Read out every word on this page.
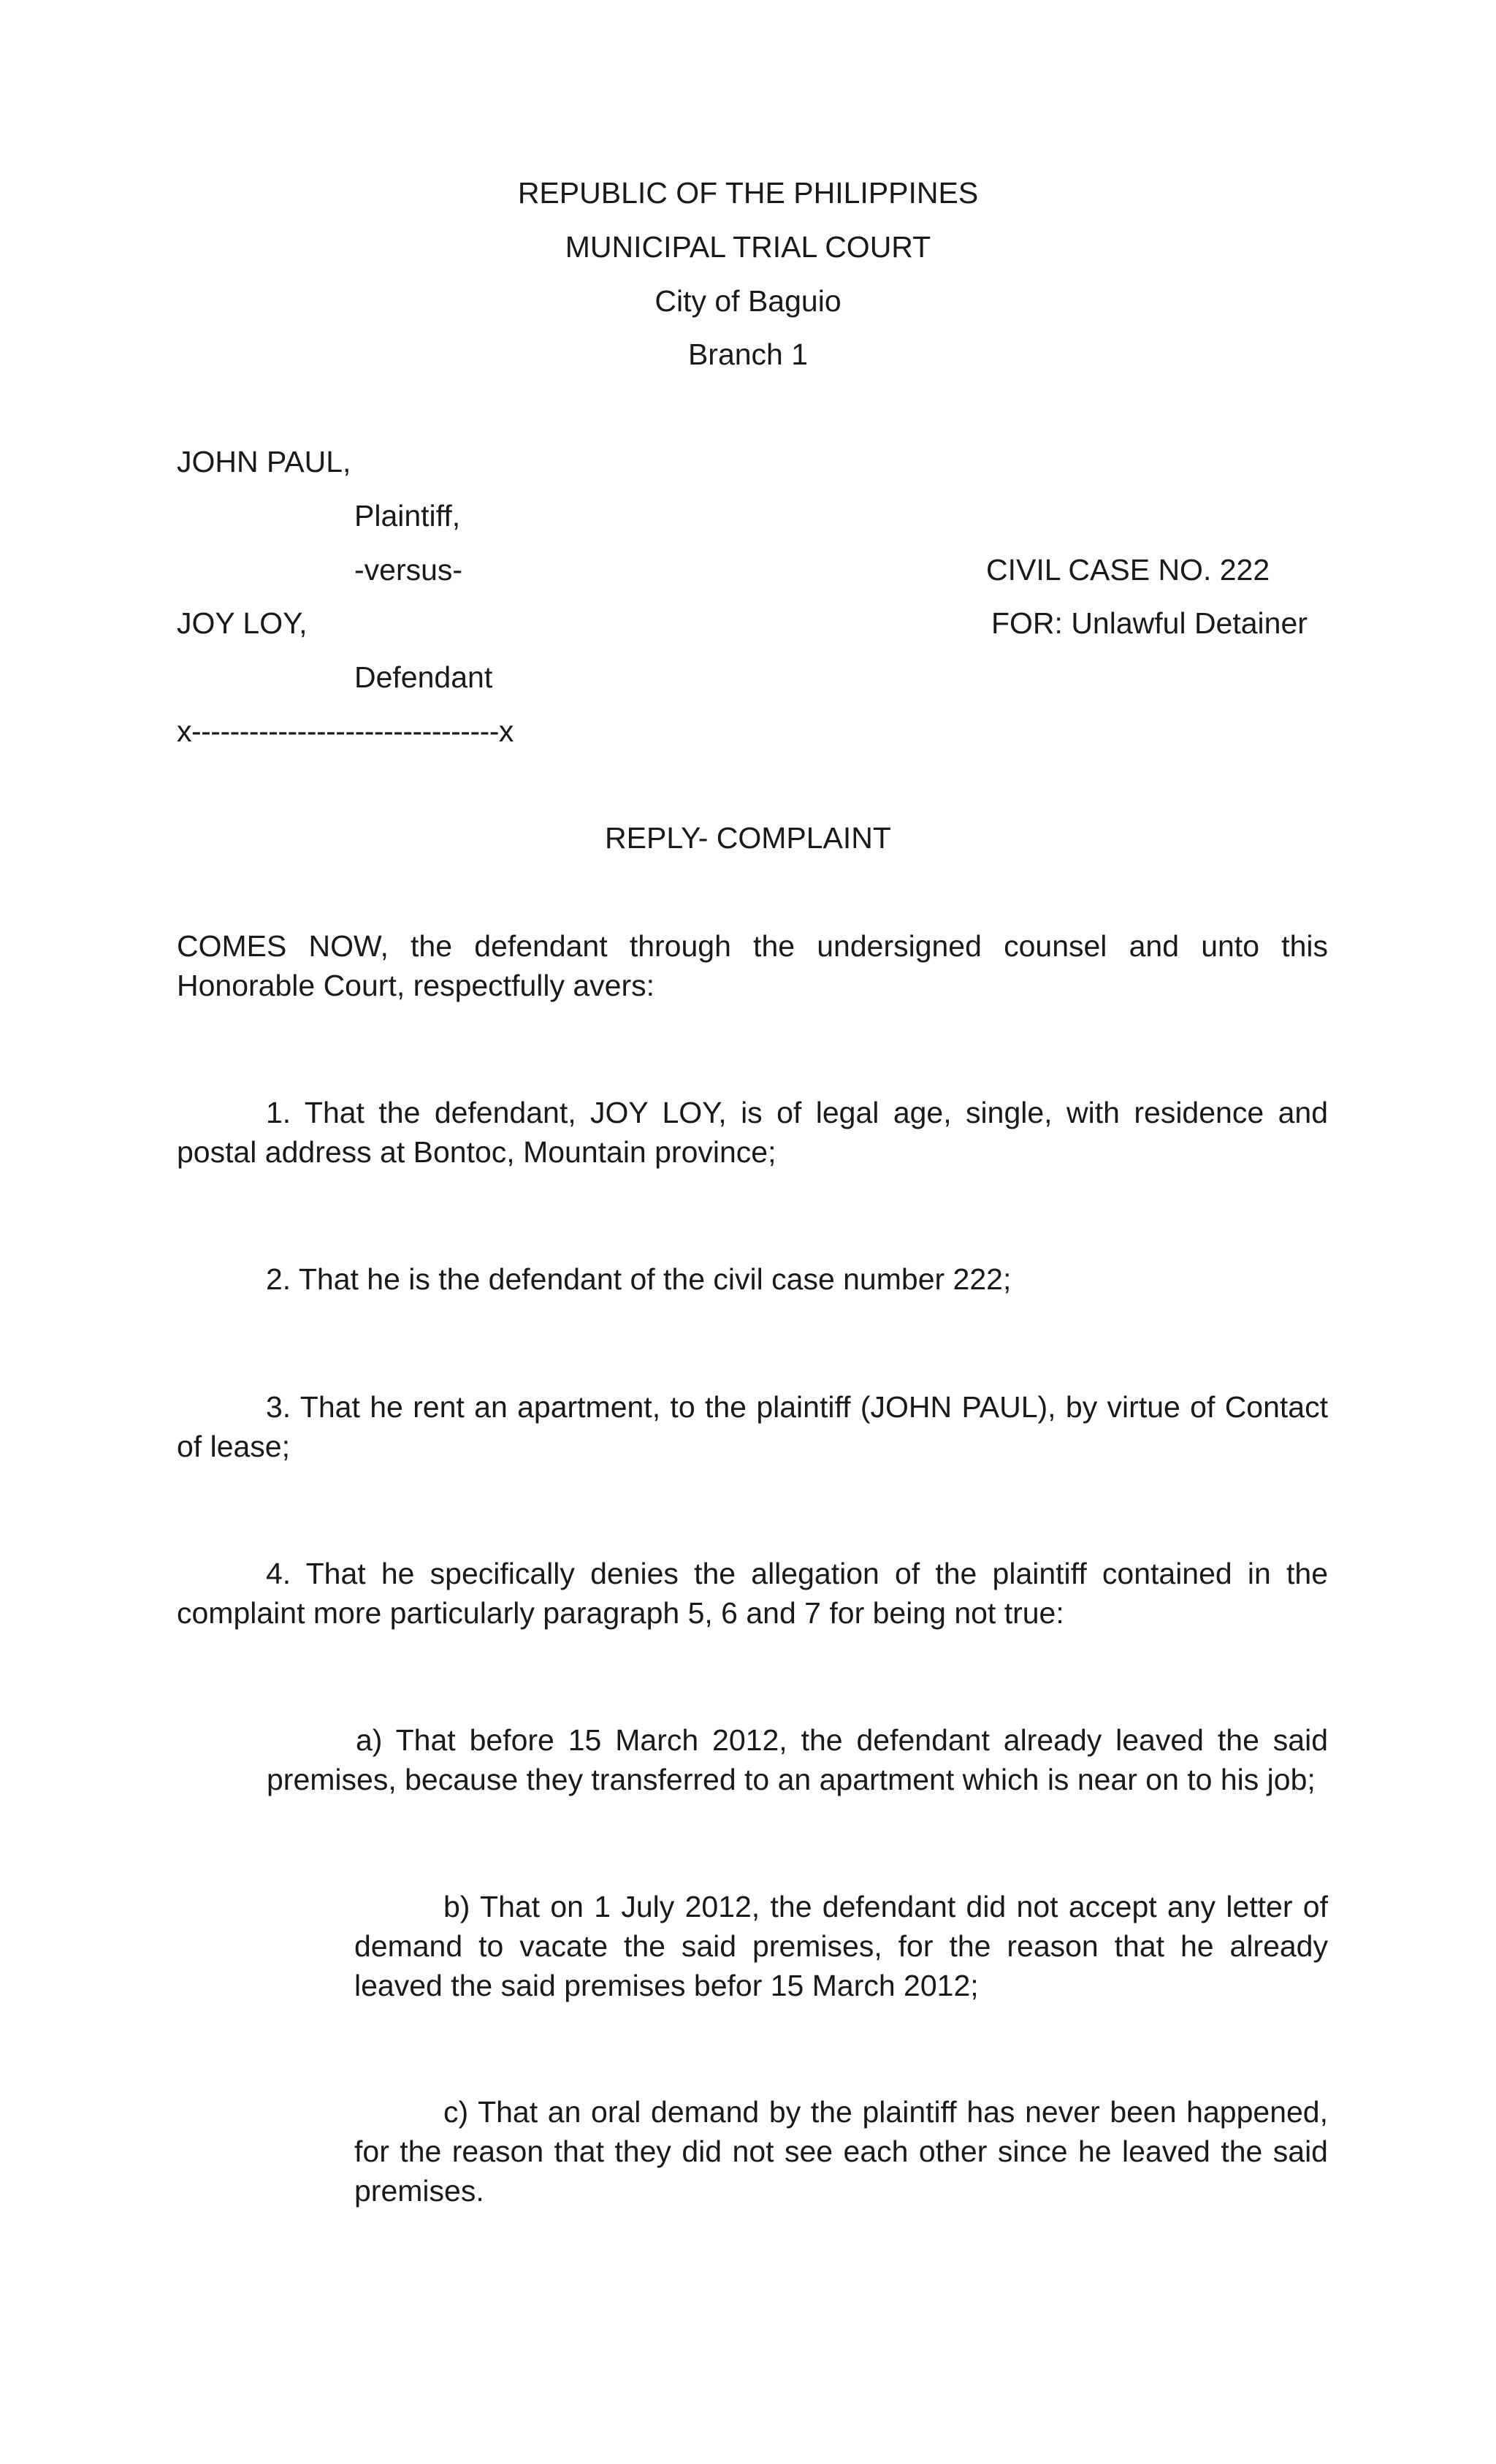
REPUBLIC OF THE PHILIPPINES
MUNICIPAL TRIAL COURT
City of Baguio
Branch 1
JOHN PAUL,
Plaintiff,
-versus-	CIVIL CASE NO. 222
JOY LOY,	FOR: Unlawful Detainer
Defendant
x--------------------------------x
REPLY- COMPLAINT
COMES NOW, the defendant through the undersigned counsel and unto this Honorable Court, respectfully avers:
1. That the defendant, JOY LOY, is of legal age, single, with residence and postal address at Bontoc, Mountain province;
2. That he is the defendant of the civil case number 222;
3. That he rent an apartment, to the plaintiff (JOHN PAUL), by virtue of Contact of lease;
4. That he specifically denies the allegation of the plaintiff contained in the complaint more particularly paragraph 5, 6 and 7 for being not true:
a) That before 15 March 2012, the defendant already leaved the said premises, because they transferred to an apartment which is near on to his job;
b) That on 1 July 2012, the defendant did not accept any letter of demand to vacate the said premises, for the reason that he already leaved the said premises befor 15 March 2012;
c) That an oral demand by the plaintiff has never been happened, for the reason that they did not see each other since he leaved the said premises.
